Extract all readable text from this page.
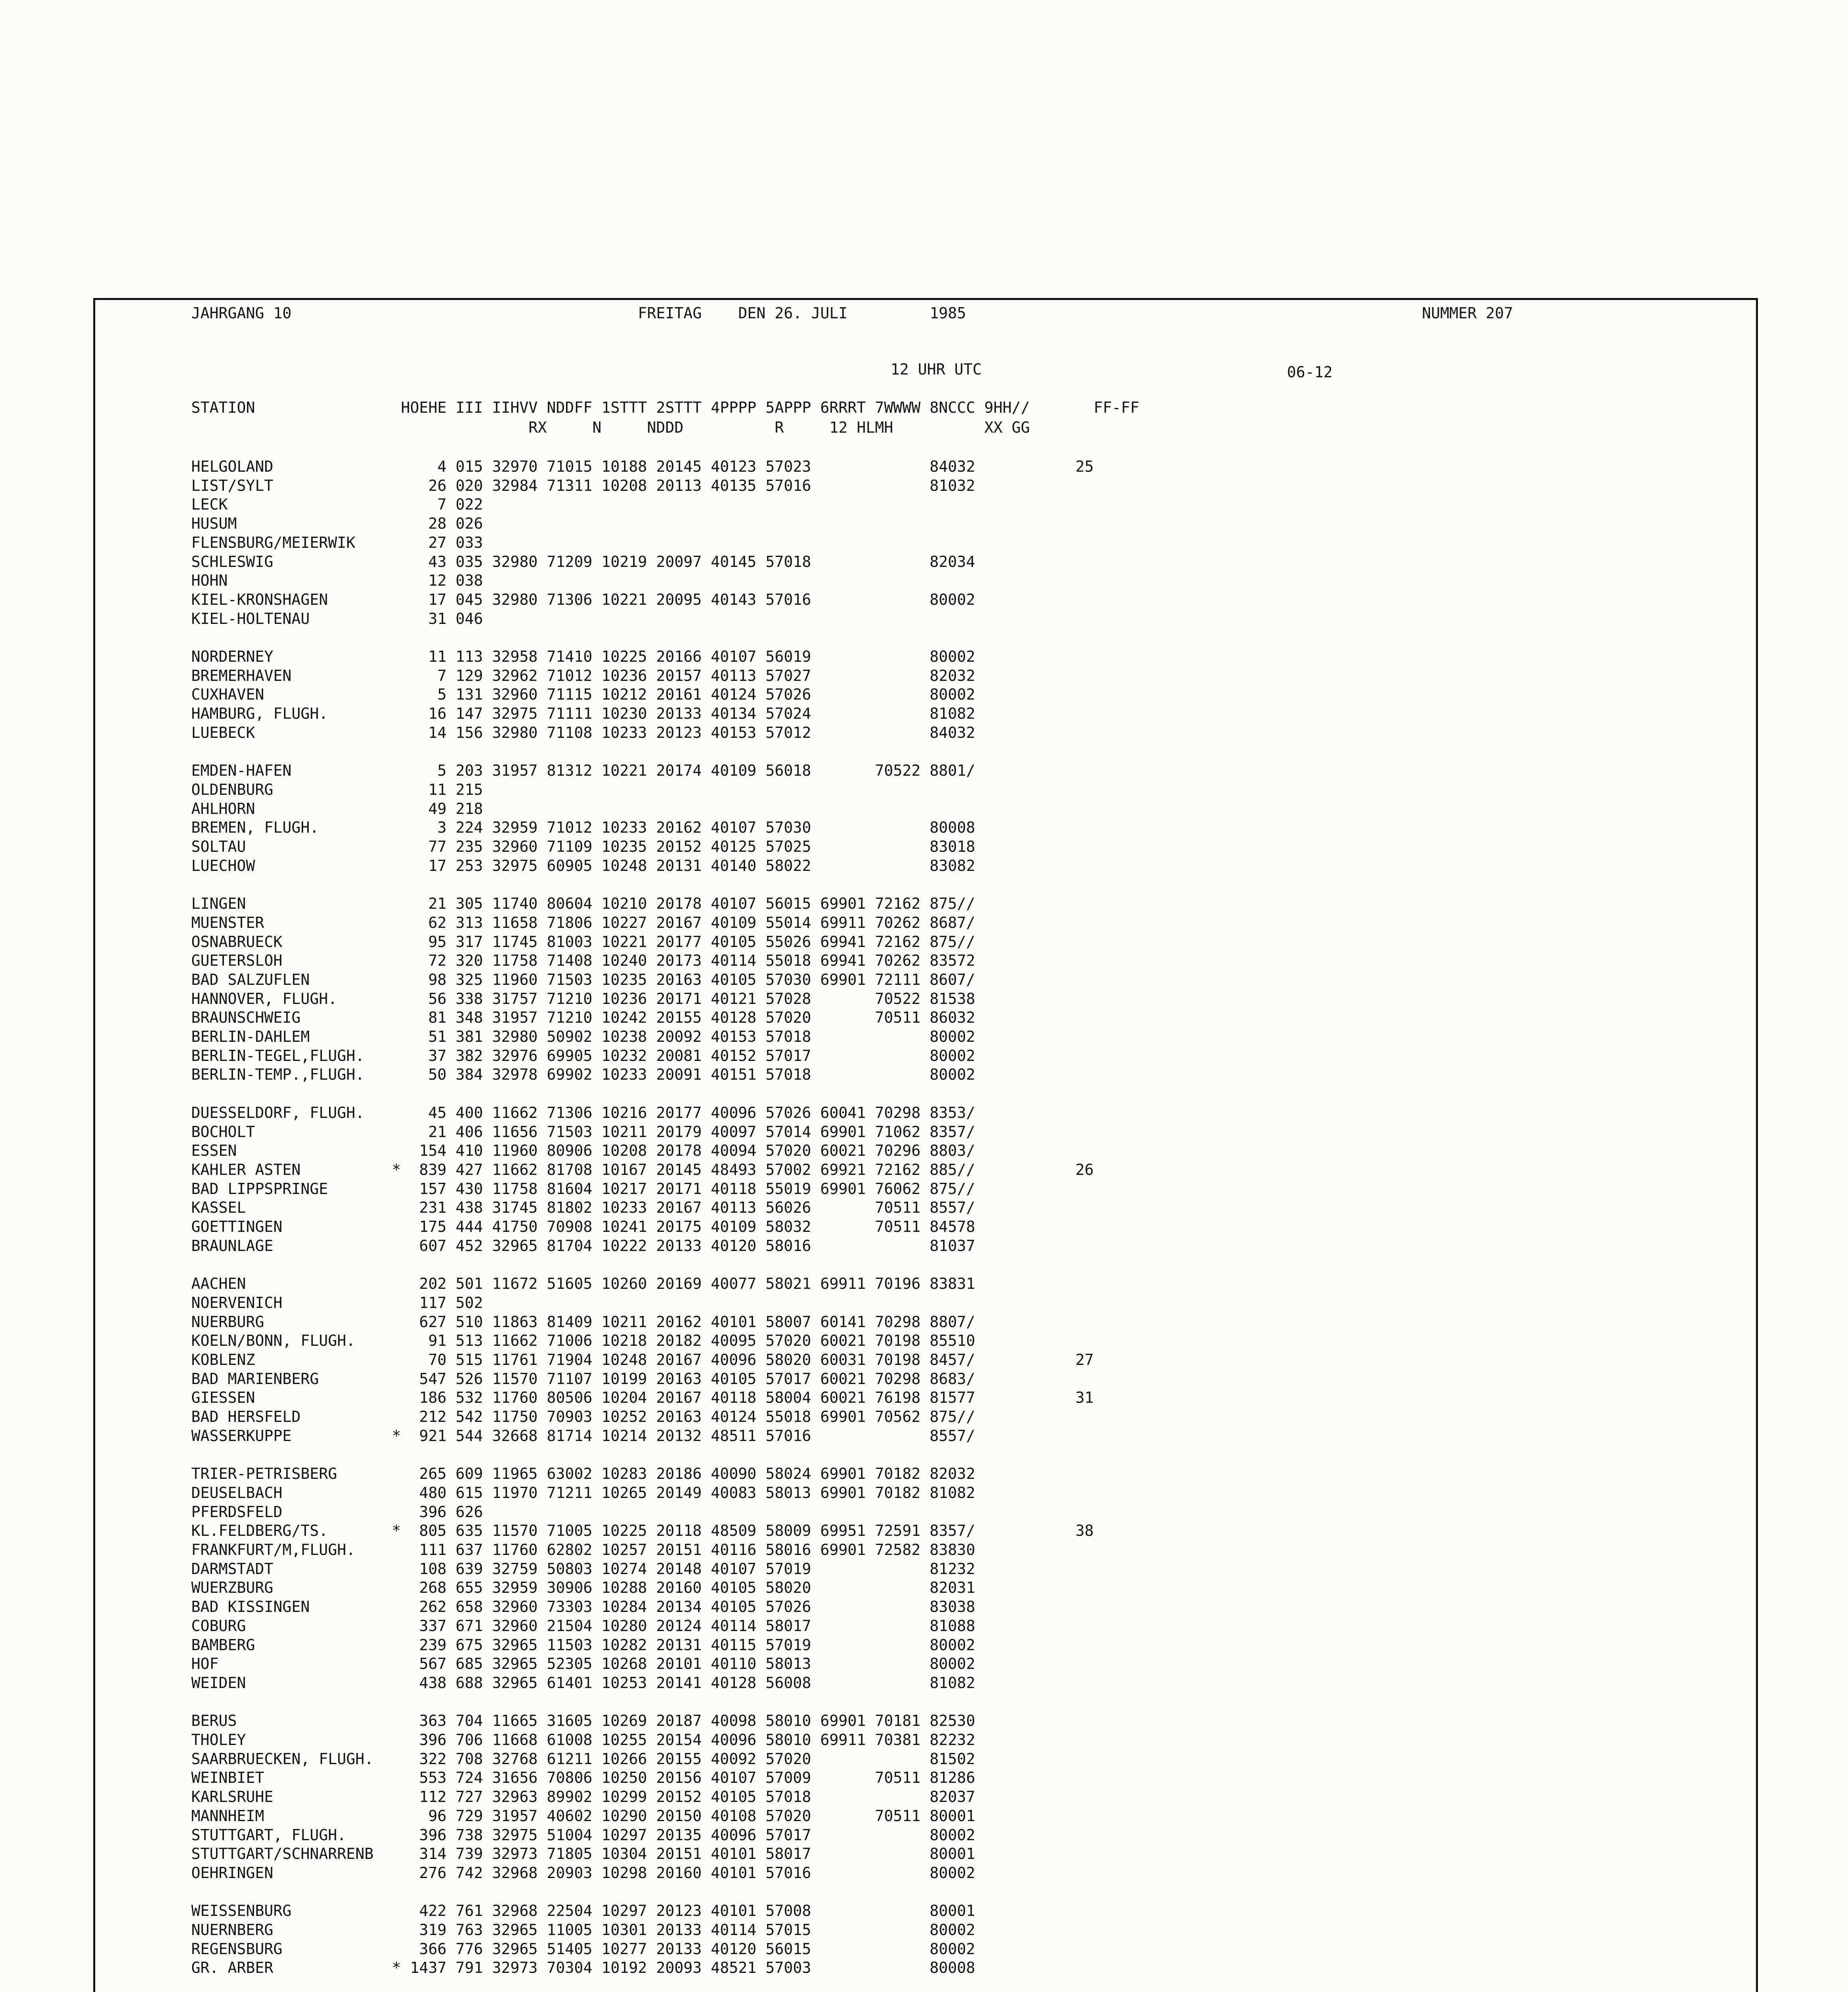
JAHRGANG 10	FREITAG DEN 26. JULI	1985	NUMMER 207
12 UHR UTC	06-12
STATION                HOEHE III IIHVV NDDFF 1STTT 2STTT 4PPPP 5APPP 6RRRT 7WWWW 8NCCC 9HH//       FF-FF
RX     N     NDDD          R     12 HLMH          XX GG
HELGOLAND                  4 015 32970 71015 10188 20145 40123 57023             84032           25
LIST/SYLT                 26 020 32984 71311 10208 20113 40135 57016             81032
LECK                       7 022
HUSUM                     28 026
FLENSBURG/MEIERWIK        27 033
SCHLESWIG                 43 035 32980 71209 10219 20097 40145 57018             82034
HOHN                      12 038
KIEL-KRONSHAGEN           17 045 32980 71306 10221 20095 40143 57016             80002
KIEL-HOLTENAU             31 046
NORDERNEY                 11 113 32958 71410 10225 20166 40107 56019             80002
BREMERHAVEN                7 129 32962 71012 10236 20157 40113 57027             82032
CUXHAVEN                   5 131 32960 71115 10212 20161 40124 57026             80002
HAMBURG, FLUGH.           16 147 32975 71111 10230 20133 40134 57024             81082
LUEBECK                   14 156 32980 71108 10233 20123 40153 57012             84032
EMDEN-HAFEN                5 203 31957 81312 10221 20174 40109 56018       70522 8801/
OLDENBURG                 11 215
AHLHORN                   49 218
BREMEN, FLUGH.             3 224 32959 71012 10233 20162 40107 57030             80008
SOLTAU                    77 235 32960 71109 10235 20152 40125 57025             83018
LUECHOW                   17 253 32975 60905 10248 20131 40140 58022             83082
LINGEN                    21 305 11740 80604 10210 20178 40107 56015 69901 72162 875//
MUENSTER                  62 313 11658 71806 10227 20167 40109 55014 69911 70262 8687/
OSNABRUECK                95 317 11745 81003 10221 20177 40105 55026 69941 72162 875//
GUETERSLOH                72 320 11758 71408 10240 20173 40114 55018 69941 70262 83572
BAD SALZUFLEN             98 325 11960 71503 10235 20163 40105 57030 69901 72111 8607/
HANNOVER, FLUGH.          56 338 31757 71210 10236 20171 40121 57028       70522 81538
BRAUNSCHWEIG              81 348 31957 71210 10242 20155 40128 57020       70511 86032
BERLIN-DAHLEM             51 381 32980 50902 10238 20092 40153 57018             80002
BERLIN-TEGEL,FLUGH.       37 382 32976 69905 10232 20081 40152 57017             80002
BERLIN-TEMP.,FLUGH.       50 384 32978 69902 10233 20091 40151 57018             80002
DUESSELDORF, FLUGH.       45 400 11662 71306 10216 20177 40096 57026 60041 70298 8353/
BOCHOLT                   21 406 11656 71503 10211 20179 40097 57014 69901 71062 8357/
ESSEN                    154 410 11960 80906 10208 20178 40094 57020 60021 70296 8803/
KAHLER ASTEN          *  839 427 11662 81708 10167 20145 48493 57002 69921 72162 885//           26
BAD LIPPSPRINGE          157 430 11758 81604 10217 20171 40118 55019 69901 76062 875//
KASSEL                   231 438 31745 81802 10233 20167 40113 56026       70511 8557/
GOETTINGEN               175 444 41750 70908 10241 20175 40109 58032       70511 84578
BRAUNLAGE                607 452 32965 81704 10222 20133 40120 58016             81037
AACHEN                   202 501 11672 51605 10260 20169 40077 58021 69911 70196 83831
NOERVENICH               117 502
NUERBURG                 627 510 11863 81409 10211 20162 40101 58007 60141 70298 8807/
KOELN/BONN, FLUGH.        91 513 11662 71006 10218 20182 40095 57020 60021 70198 85510
KOBLENZ                   70 515 11761 71904 10248 20167 40096 58020 60031 70198 8457/           27
BAD MARIENBERG           547 526 11570 71107 10199 20163 40105 57017 60021 70298 8683/
GIESSEN                  186 532 11760 80506 10204 20167 40118 58004 60021 76198 81577           31
BAD HERSFELD             212 542 11750 70903 10252 20163 40124 55018 69901 70562 875//
WASSERKUPPE           *  921 544 32668 81714 10214 20132 48511 57016             8557/
TRIER-PETRISBERG         265 609 11965 63002 10283 20186 40090 58024 69901 70182 82032
DEUSELBACH               480 615 11970 71211 10265 20149 40083 58013 69901 70182 81082
PFERDSFELD               396 626
KL.FELDBERG/TS.       *  805 635 11570 71005 10225 20118 48509 58009 69951 72591 8357/           38
FRANKFURT/M,FLUGH.       111 637 11760 62802 10257 20151 40116 58016 69901 72582 83830
DARMSTADT                108 639 32759 50803 10274 20148 40107 57019             81232
WUERZBURG                268 655 32959 30906 10288 20160 40105 58020             82031
BAD KISSINGEN            262 658 32960 73303 10284 20134 40105 57026             83038
COBURG                   337 671 32960 21504 10280 20124 40114 58017             81088
BAMBERG                  239 675 32965 11503 10282 20131 40115 57019             80002
HOF                      567 685 32965 52305 10268 20101 40110 58013             80002
WEIDEN                   438 688 32965 61401 10253 20141 40128 56008             81082
BERUS                    363 704 11665 31605 10269 20187 40098 58010 69901 70181 82530
THOLEY                   396 706 11668 61008 10255 20154 40096 58010 69911 70381 82232
SAARBRUECKEN, FLUGH.     322 708 32768 61211 10266 20155 40092 57020             81502
WEINBIET                 553 724 31656 70806 10250 20156 40107 57009       70511 81286
KARLSRUHE                112 727 32963 89902 10299 20152 40105 57018             82037
MANNHEIM                  96 729 31957 40602 10290 20150 40108 57020       70511 80001
STUTTGART, FLUGH.        396 738 32975 51004 10297 20135 40096 57017             80002
STUTTGART/SCHNARRENB     314 739 32973 71805 10304 20151 40101 58017             80001
OEHRINGEN                276 742 32968 20903 10298 20160 40101 57016             80002
WEISSENBURG              422 761 32968 22504 10297 20123 40101 57008             80001
NUERNBERG                319 763 32965 11005 10301 20133 40114 57015             80002
REGENSBURG               366 776 32965 51405 10277 20133 40120 56015             80002
GR. ARBER             * 1437 791 32973 70304 10192 20093 48521 57003             80008
